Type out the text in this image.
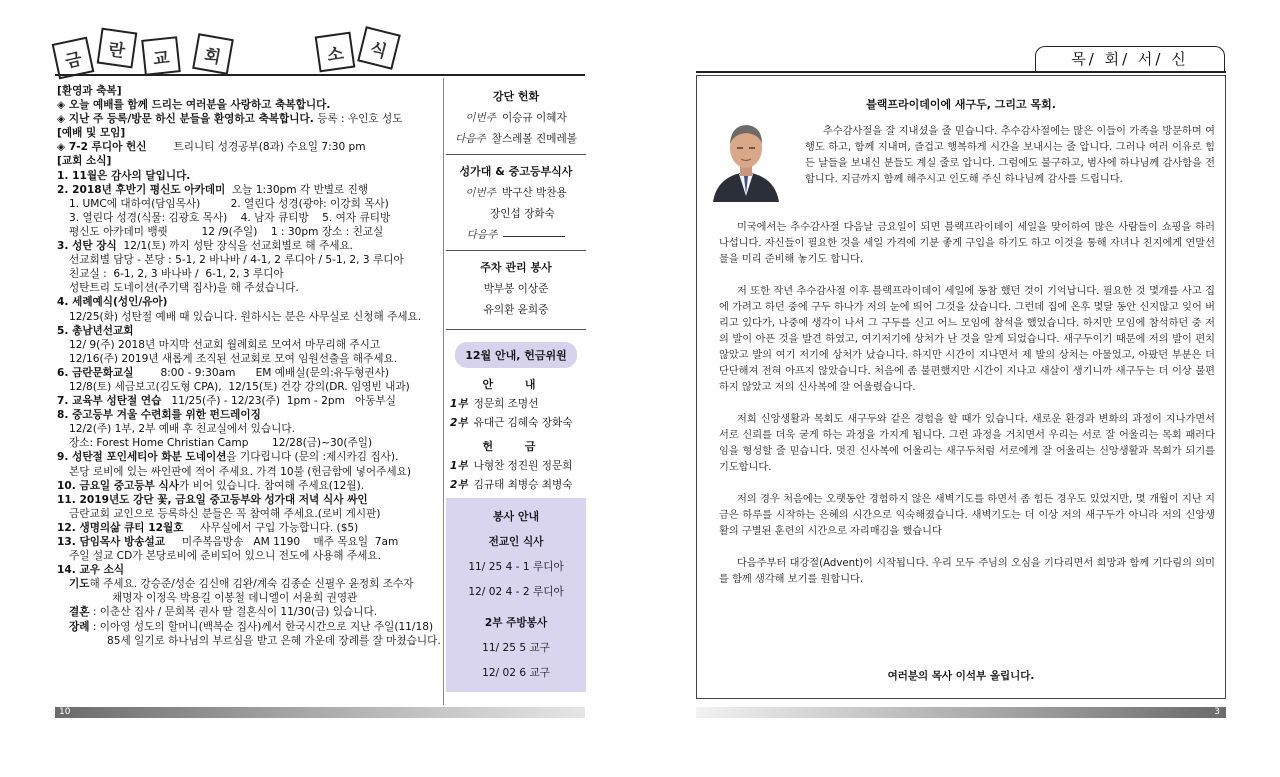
금	란	교	회	소	식
[환영과 축복]
◈ 오늘 예배를 함께 드리는 여러분을 사랑하고 축복합니다.
◈ 지난 주 등록/방문 하신 분들을 환영하고 축복합니다. 등록 : 우인호 성도
[예배 및 모임]
◈ 7-2 루디아 헌신	트리니티 성경공부(8과) 수요일 7:30 pm
[교회 소식]
1. 11월은 감사의 달입니다.
2. 2018년 후반기 평신도 아카데미  오늘 1:30pm 각 반별로 진행
1. UMC에 대하여(담임목사)         2. 열린다 성경(광야: 이강희 목사)
3. 열린다 성경(식물: 김광호 목사)    4. 남자 큐티방    5. 여자 큐티방
평신도 아카데미 뱅퀏          12 /9(주일)    1 : 30pm 장소 : 친교실
3. 성탄 장식  12/1(토) 까지 성탄 장식을 선교회별로 해 주세요.
선교회별 담당 - 본당 : 5-1, 2 바나바 / 4-1, 2 루디아 / 5-1, 2, 3 루디아
친교실 :  6-1, 2, 3 바나바 /  6-1, 2, 3 루디아
성탄트리 도네이션(주기택 집사)을 해 주셨습니다.
4. 세례예식(성인/유아)
12/25(화) 성탄절 예배 때 있습니다. 원하시는 분은 사무실로 신청해 주세요.
5. 총남년선교회
12/ 9(주) 2018년 마지막 선교회 월례회로 모여서 마무리해 주시고
12/16(주) 2019년 새롭게 조직된 선교회로 모여 임원선출을 해주세요.
6. 금란문화교실        8:00 - 9:30am      EM 예배실(문의:유두형권사)
12/8(토) 세금보고(김도형 CPA),  12/15(토) 건강 강의(DR. 임영빈 내과)
7. 교육부 성탄절 연습   11/25(주) - 12/23(주)  1pm - 2pm   아동부실
8. 중고등부 겨울 수련회를 위한 펀드레이징
12/2(주) 1부, 2부 예배 후 친교실에서 있습니다.
장소: Forest Home Christian Camp       12/28(금)~30(주일)
9. 성탄절 포인세티아 화분 도네이션을 기다립니다 (문의 :제시카김 집사).
본당 로비에 있는 싸인판에 적어 주세요. 가격 10불 (헌금함에 넣어주세요)
10. 금요일 중고등부 식사가 비어 있습니다. 참여해 주세요(12월).
11. 2019년도 강단 꽃, 금요일 중고등부와 성가대 저녁 식사 싸인
금란교회 교인으로 등록하신 분들은 꼭 참여해 주세요.(로비 게시판)
12. 생명의삶 큐티 12월호     사무실에서 구입 가능합니다. ($5)
13. 담임목사 방송설교     미주복음방송   AM 1190    매주 목요일  7am
주일 설교 CD가 본당로비에 준비되어 있으니 전도에 사용해 주세요.
14. 교우 소식
기도해 주세요. 강승준/성순 김신애 김완/계숙 김종순 신필우 윤정희 조수자
채명자 이정옥 박용길 이봉철 데니엘이 서윤희 권영관
결혼 : 이춘산 집사 / 문희복 권사 딸 결혼식이 11/30(금) 있습니다.
장례 : 이아영 성도의 할머니(백복순 집사)께서 한국시간으로 지난 주일(11/18)
85세 일기로 하나님의 부르심을 받고 은혜 가운데 장례를 잘 마쳤습니다.
강단 헌화
이번주 이승규 이혜자
다음주 찰스레볼 진메레볼
성가대 & 중고등부식사
이번주 박구산 박찬용
장인섭 장화숙
다음주
주차 관리 봉사
박부봉 이상준
유의환 윤희중
12월 안내, 헌금위원
안 내
1부 정문희 조명선
2부 유대근 김혜숙 장화숙
헌 금
1부 나형찬 정진원 정문희
2부 김규태 최병승 최병숙
봉사 안내
전교인 식사
11/ 25 4 - 1 루디아
12/ 02 4 - 2 루디아
2부 주방봉사
11/ 25 5 교구
12/ 02 6 교구
10
목/ 회/ 서/ 신
블랙프라이데이에 새구두, 그리고 목회.
추수감사절을 잘 지내셨을 줄 믿습니다. 추수감사절에는 많은 이들이 가족을 방문하며 여행도 하고, 함께 지내며, 즐겁고 행복하게 시간을 보내시는 줄 압니다. 그러나 여러 이유로 힘든 날들을 보내신 분들도 계실 줄로 압니다. 그럼에도 불구하고, 범사에 하나님께 감사함을 전합니다. 지금까지 함께 해주시고 인도해 주신 하나님께 감사를 드립니다.
미국에서는 추수감사절 다음날 금요일이 되면 블랙프라이데이 세일을 맞이하여 많은 사람들이 쇼핑을 하러 나섭니다. 자신들이 필요한 것을 세일 가격에 기분 좋게 구입을 하기도 하고 이것을 통해 자녀나 친지에게 연말선물을 미리 준비해 놓기도 합니다.
저 또한 작년 추수감사절 이후 블랙프라이데이 세일에 동참 했던 것이 기억납니다. 필요한 것 몇개를 사고 집에 가려고 하던 중에 구두 하나가 저의 눈에 띄어 그것을 샀습니다. 그런데 집에 온후 몇달 동안 신지않고 잊어 버리고 있다가, 나중에 생각이 나서 그 구두를 신고 어느 모임에 참석을 했었습니다. 하지만 모임에 참석하던 중 저의 발이 아픈 것을 발견 하였고, 여기저기에 상처가 난 것을 알게 되었습니다. 새구두이기 때문에 저의 발이 편치 않았고 발의 여기 저기에 상처가 났습니다. 하지만 시간이 지나면서 제 발의 상처는 아물었고, 아팠던 부분은 더 단단해져 전혀 아프지 않았습니다. 처음에 좀 불편했지만 시간이 지나고 새살이 생기니까 새구두는 더 이상 불편하지 않았고 저의 신사복에 잘 어울렸습니다.
저희 신앙생활과 목회도 새구두와 같은 경험을 할 때가 있습니다. 새로운 환경과 변화의 과정이 지나가면서 서로 신뢰를 더욱 굳게 하는 과정을 가지게 됩니다. 그런 과정을 거치면서 우리는 서로 잘 어울리는 목회 패러다임을 형성할 줄 믿습니다. 멋진 신사복에 어울리는 새구두처럼 서로에게 잘 어울리는 신앙생활과 목회가 되기를 기도합니다.
저의 경우 처음에는 오랫동안 경험하지 않은 새벽기도를 하면서 좀 힘든 경우도 있었지만, 몇 개월이 지난 지금은 하루를 시작하는 은혜의 시간으로 익숙해졌습니다. 새벽기도는 더 이상 저의 새구두가 아니라 저의 신앙생활의 구별된 훈련의 시간으로 자리매김을 했습니다
다음주부터 대강절(Advent)이 시작됩니다. 우리 모두 주님의 오심을 기다리면서 희망과 함께 기다림의 의미를 함께 생각해 보기를 원합니다.
여러분의 목사 이석부 올립니다.
3
